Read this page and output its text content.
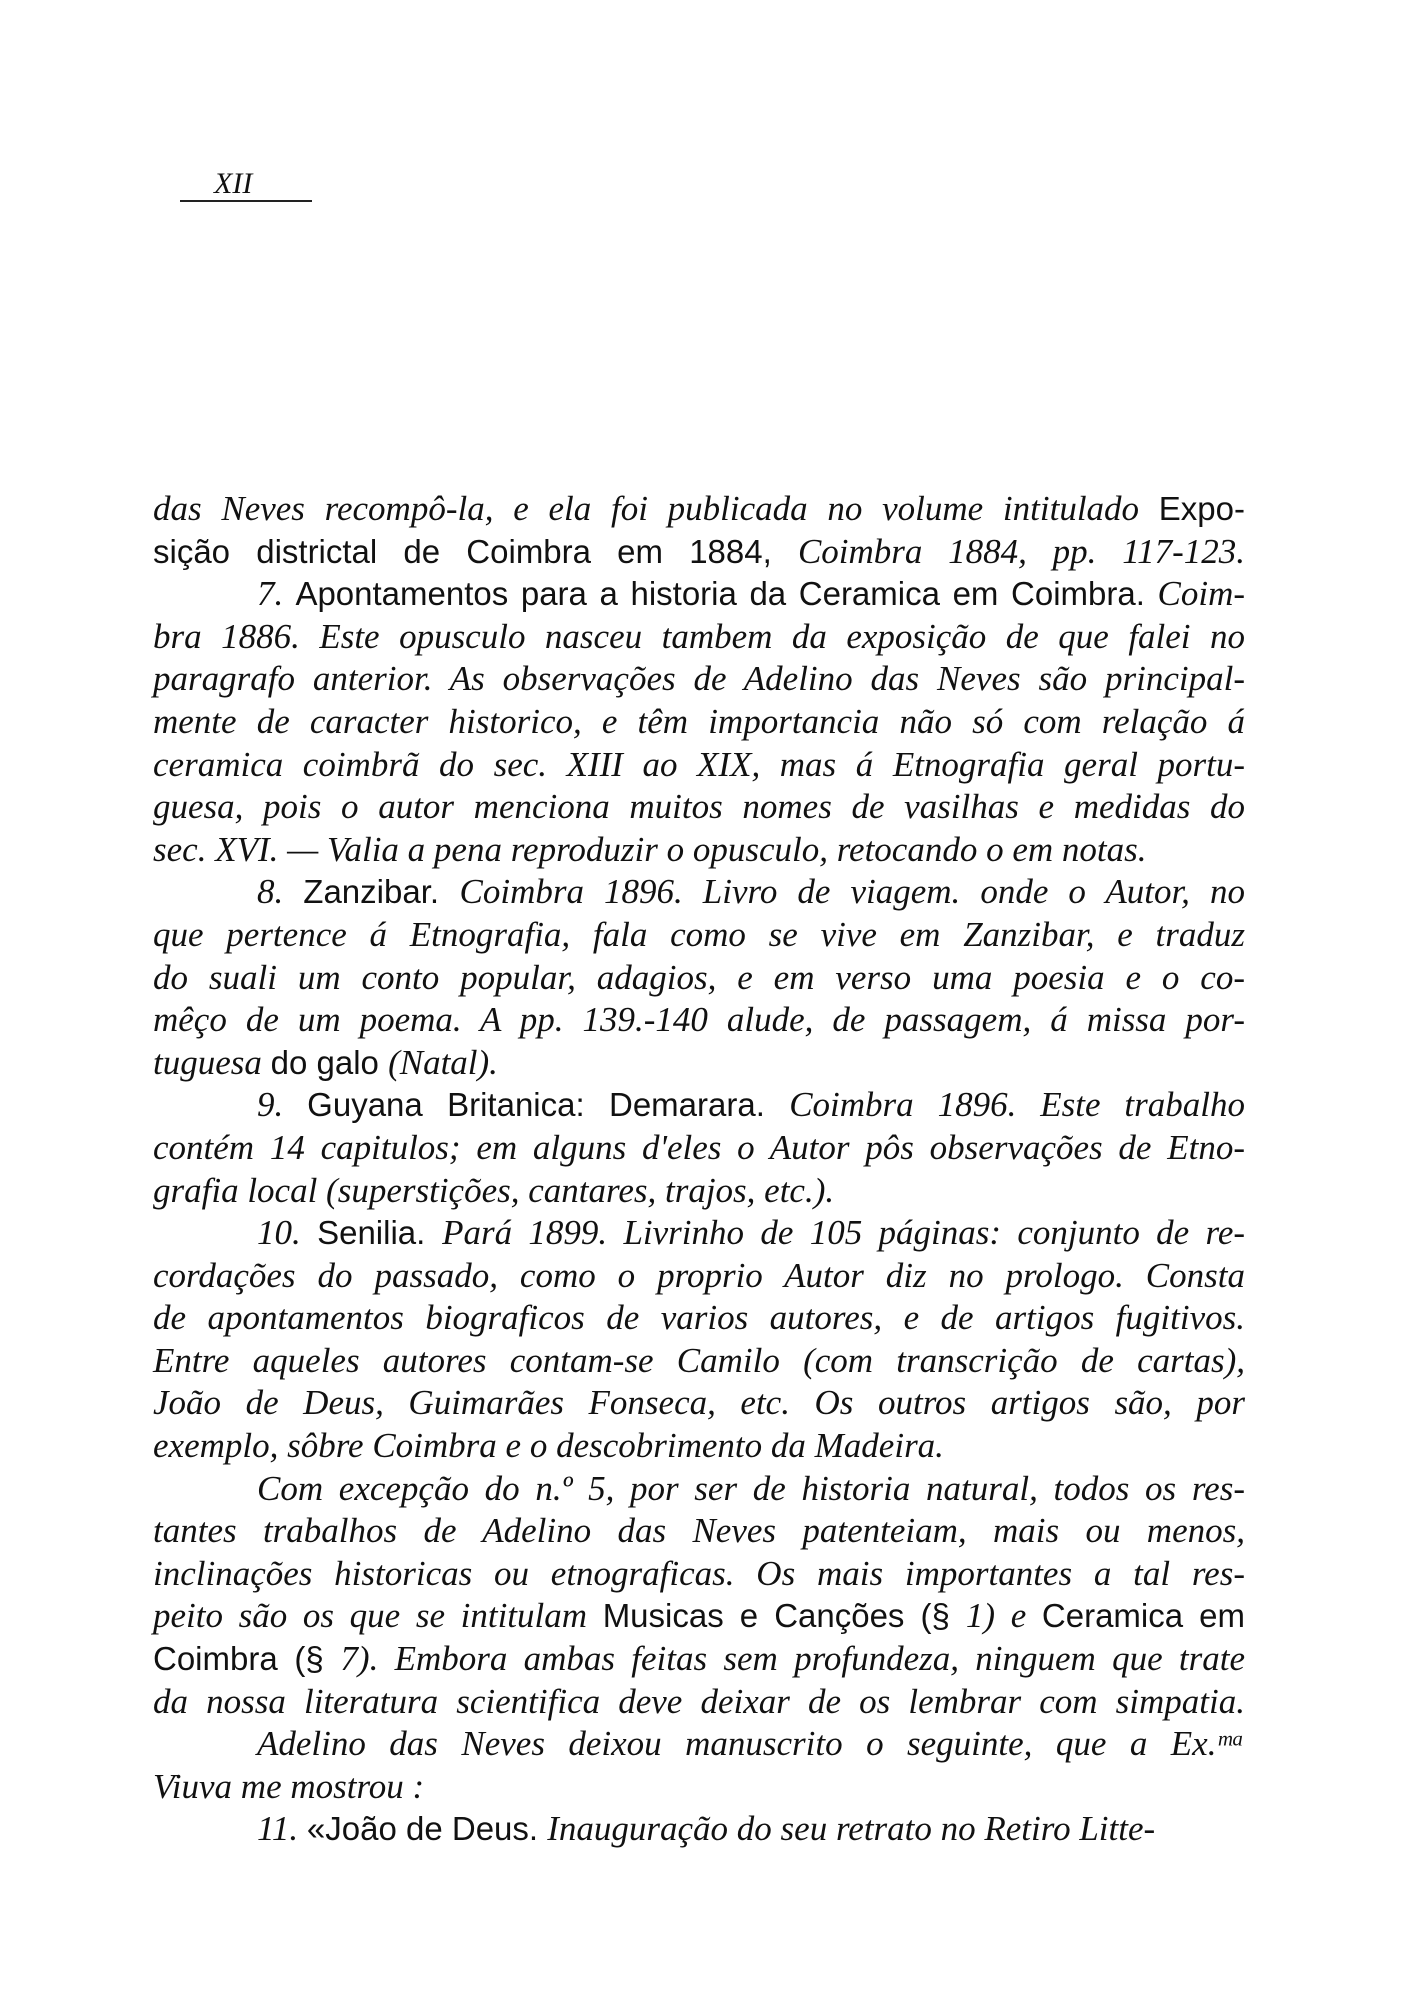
XII

das Neves recompô-la, e ela foi publicada no volume intitulado Expo-

sição districtal de Coimbra em 1884, Coimbra 1884, pp. 117-123.

7. Apontamentos para a historia da Ceramica em Coimbra. Coim-

bra 1886. Este opusculo nasceu tambem da exposição de que falei no

paragrafo anterior. As observações de Adelino das Neves são principal-

mente de caracter historico, e têm importancia não só com relação á

ceramica coimbrã do sec. XIII ao XIX, mas á Etnografia geral portu-

guesa, pois o autor menciona muitos nomes de vasilhas e medidas do

sec. XVI. — Valia a pena reproduzir o opusculo, retocando o em notas.

8. Zanzibar. Coimbra 1896. Livro de viagem. onde o Autor, no

que pertence á Etnografia, fala como se vive em Zanzibar, e traduz

do suali um conto popular, adagios, e em verso uma poesia e o co-

mêço de um poema. A pp. 139.-140 alude, de passagem, á missa por-

tuguesa do galo (Natal).

9. Guyana Britanica: Demarara. Coimbra 1896. Este trabalho

contém 14 capitulos; em alguns d'eles o Autor pôs observações de Etno-

grafia local (superstições, cantares, trajos, etc.).

10. Senilia. Pará 1899. Livrinho de 105 páginas: conjunto de re-

cordações do passado, como o proprio Autor diz no prologo. Consta

de apontamentos biograficos de varios autores, e de artigos fugitivos.

Entre aqueles autores contam-se Camilo (com transcrição de cartas),

João de Deus, Guimarães Fonseca, etc. Os outros artigos são, por

exemplo, sôbre Coimbra e o descobrimento da Madeira.

Com excepção do n.º 5, por ser de historia natural, todos os res-

tantes trabalhos de Adelino das Neves patenteiam, mais ou menos,

inclinações historicas ou etnograficas. Os mais importantes a tal res-

peito são os que se intitulam Musicas e Canções (§ 1) e Ceramica em

Coimbra (§ 7). Embora ambas feitas sem profundeza, ninguem que trate

da nossa literatura scientifica deve deixar de os lembrar com simpatia.

Adelino das Neves deixou manuscrito o seguinte, que a Ex.ᵐᵃ

Viuva me mostrou :

11. «João de Deus. Inauguração do seu retrato no Retiro Litte-
